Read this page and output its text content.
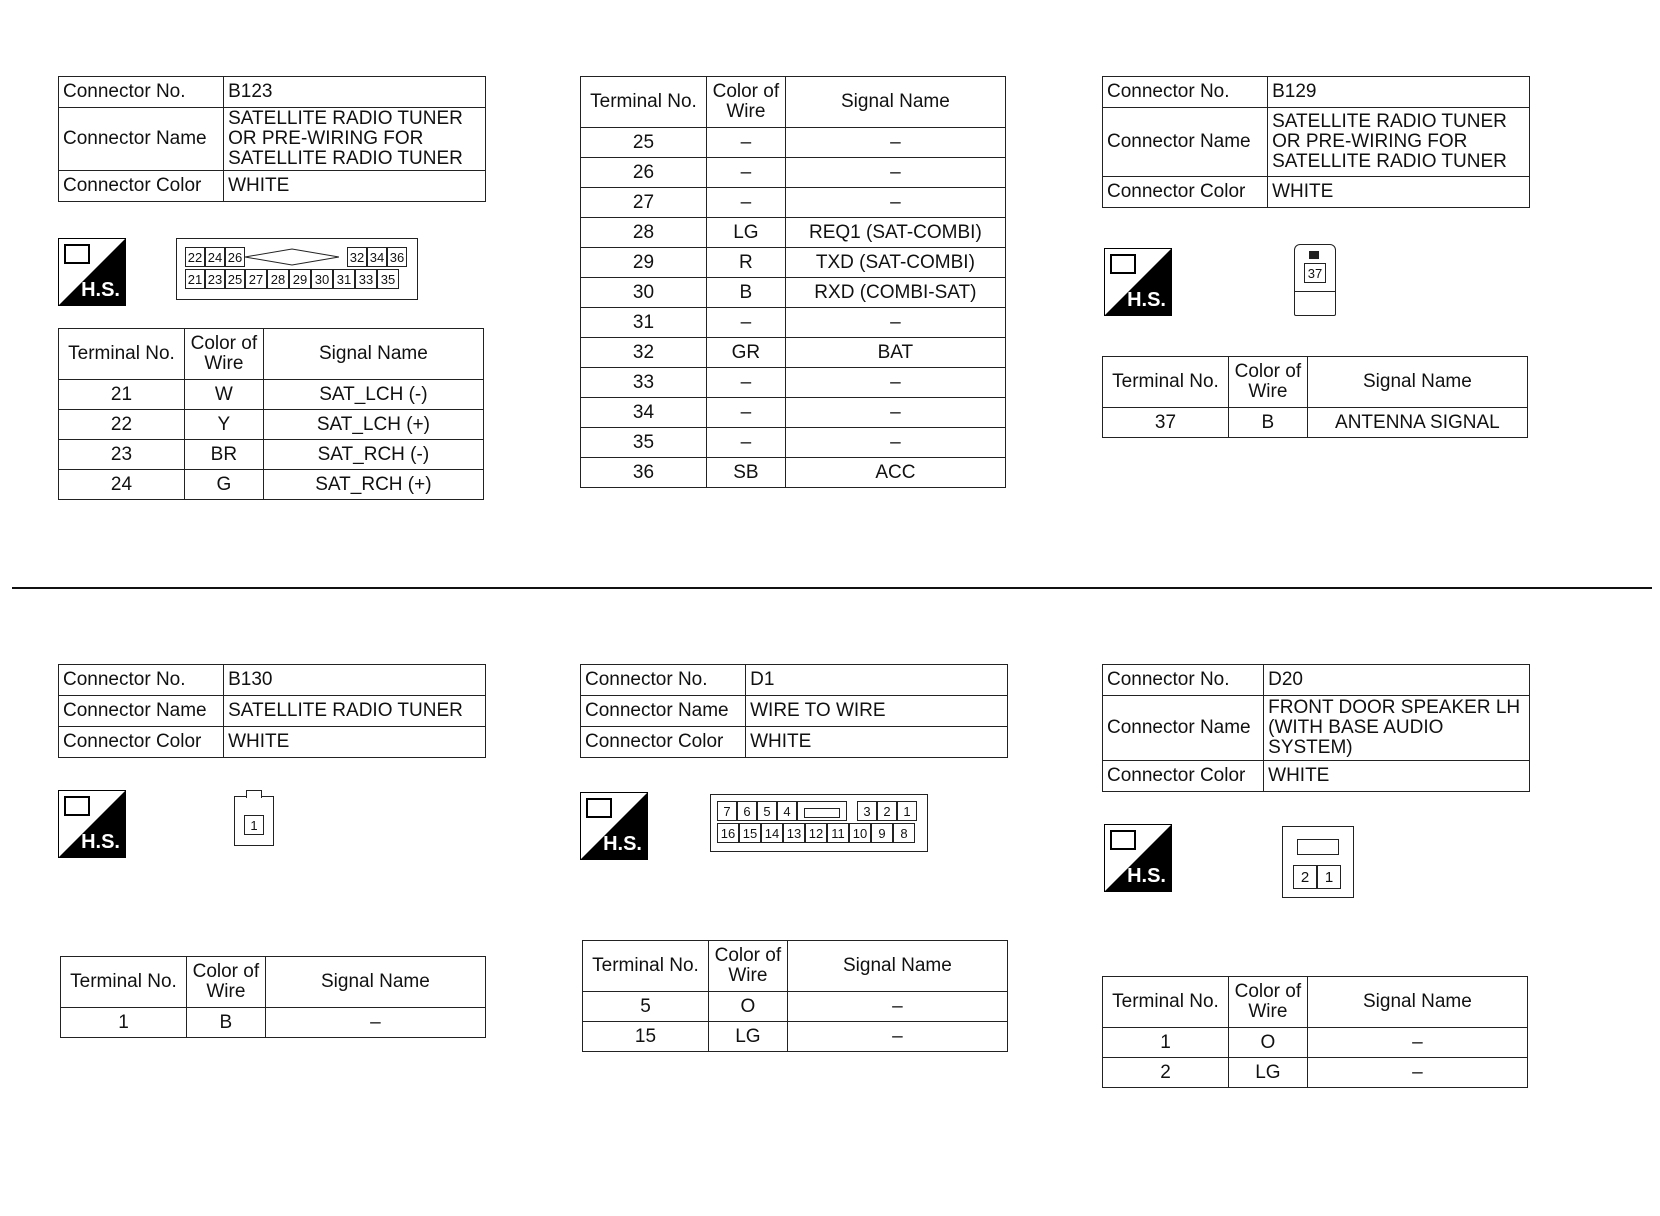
Connector No.	B123
Connector Name	SATELLITE RADIO TUNER OR PRE-WIRING FOR SATELLITE RADIO TUNER
Connector Color	WHITE
H.S.
22 24 26	32 34 36
21 23 25 27 28 29 30 31 33 35
Terminal No.	Color of Wire	Signal Name
21	W	SAT_LCH (-)
22	Y	SAT_LCH (+)
23	BR	SAT_RCH (-)
24	G	SAT_RCH (+)
Terminal No.	Color of Wire	Signal Name
25	–	–
26	–	–
27	–	–
28	LG	REQ1 (SAT-COMBI)
29	R	TXD (SAT-COMBI)
30	B	RXD (COMBI-SAT)
31	–	–
32	GR	BAT
33	–	–
34	–	–
35	–	–
36	SB	ACC
Connector No.	B129
Connector Name	SATELLITE RADIO TUNER OR PRE-WIRING FOR SATELLITE RADIO TUNER
Connector Color	WHITE
H.S.
37
Terminal No.	Color of Wire	Signal Name
37	B	ANTENNA SIGNAL
Connector No.	B130
Connector Name	SATELLITE RADIO TUNER
Connector Color	WHITE
H.S.
1
Terminal No.	Color of Wire	Signal Name
1	B	–
Connector No.	D1
Connector Name	WIRE TO WIRE
Connector Color	WHITE
H.S.
7 6 5 4	3 2 1
16 15 14 13 12 11 10 9	8
Terminal No.	Color of Wire	Signal Name
5	O	–
15	LG	–
Connector No.	D20
Connector Name	FRONT DOOR SPEAKER LH (WITH BASE AUDIO SYSTEM)
Connector Color	WHITE
H.S.	2	1
Terminal No.	Color of Wire	Signal Name
1	O	–
2	LG	–
